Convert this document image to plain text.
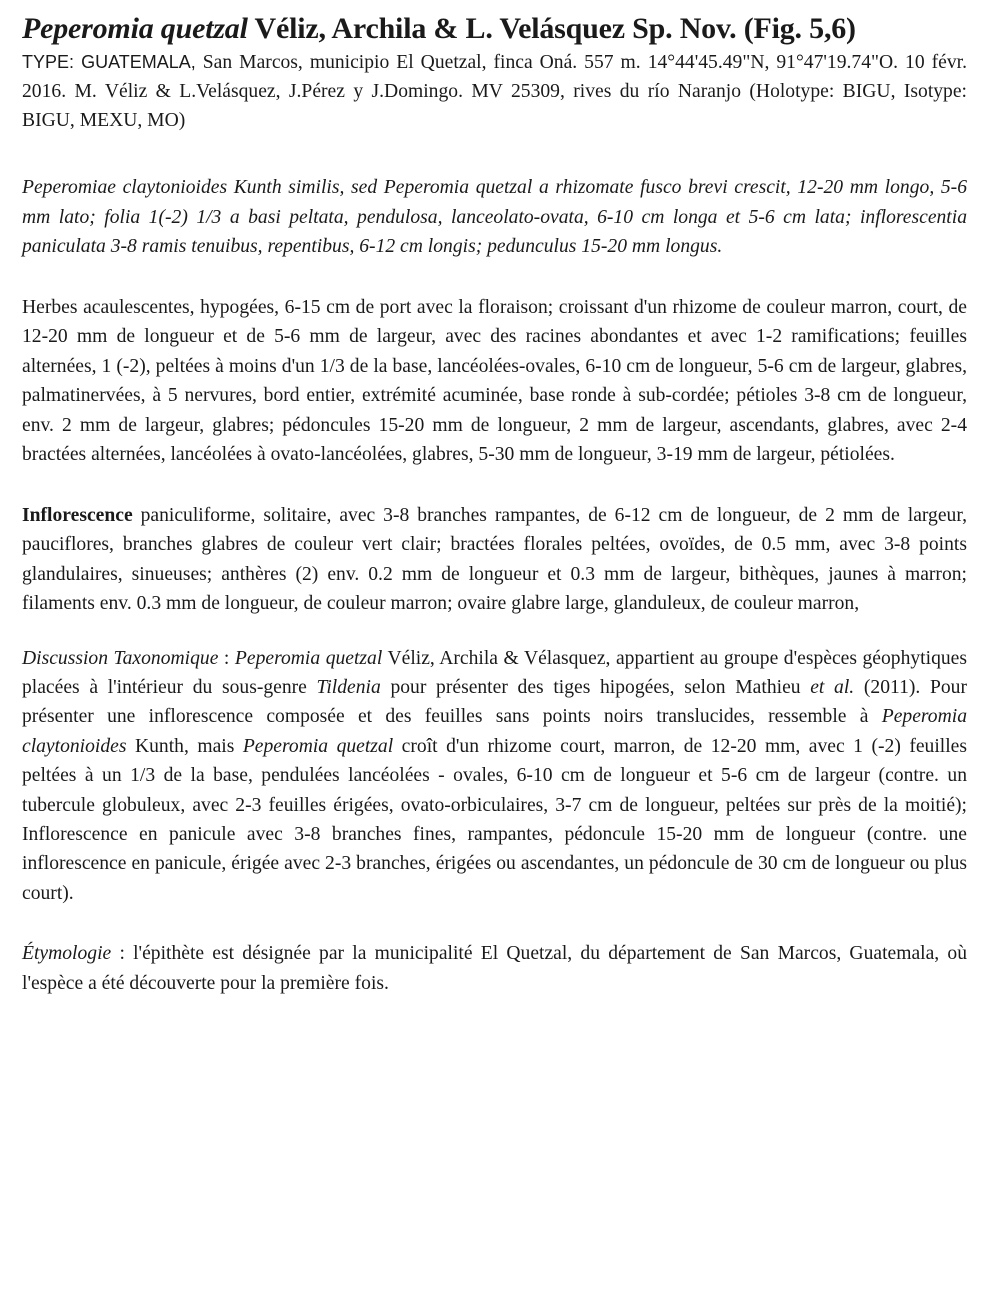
Peperomia quetzal Véliz, Archila & L. Velásquez Sp. Nov. (Fig. 5,6)

TYPE: GUATEMALA, San Marcos, municipio El Quetzal, finca Oná. 557 m. 14°44'45.49"N, 91°47'19.74"O. 10 févr. 2016. M. Véliz & L.Velásquez, J.Pérez y J.Domingo. MV 25309, rives du río Naranjo (Holotype: BIGU, Isotype: BIGU, MEXU, MO)

Peperomiae claytonioides Kunth similis, sed Peperomia quetzal a rhizomate fusco brevi crescit, 12-20 mm longo, 5-6 mm lato; folia 1(-2) 1/3 a basi peltata, pendulosa, lanceolato-ovata, 6-10 cm longa et 5-6 cm lata; inflorescentia paniculata 3-8 ramis tenuibus, repentibus, 6-12 cm longis; pedunculus 15-20 mm longus.

Herbes acaulescentes, hypogées, 6-15 cm de port avec la floraison; croissant d'un rhizome de couleur marron, court, de 12-20 mm de longueur et de 5-6 mm de largeur, avec des racines abondantes et avec 1-2 ramifications; feuilles alternées, 1 (-2), peltées à moins d'un 1/3 de la base, lancéolées-ovales, 6-10 cm de longueur, 5-6 cm de largeur, glabres, palmatinervées, à 5 nervures, bord entier, extrémité acuminée, base ronde à sub-cordée; pétioles 3-8 cm de longueur, env. 2 mm de largeur, glabres; pédoncules 15-20 mm de longueur, 2 mm de largeur, ascendants, glabres, avec 2-4 bractées alternées, lancéolées à ovato-lancéolées, glabres, 5-30 mm de longueur, 3-19 mm de largeur, pétiolées.

Inflorescence paniculiforme, solitaire, avec 3-8 branches rampantes, de 6-12 cm de longueur, de 2 mm de largeur, pauciflores, branches glabres de couleur vert clair; bractées florales peltées, ovoïdes, de 0.5 mm, avec 3-8 points glandulaires, sinueuses; anthères (2) env. 0.2 mm de longueur et 0.3 mm de largeur, bithèques, jaunes à marron; filaments env. 0.3 mm de longueur, de couleur marron; ovaire glabre large, glanduleux, de couleur marron,

Discussion Taxonomique : Peperomia quetzal Véliz, Archila & Vélasquez, appartient au groupe d'espèces géophytiques placées à l'intérieur du sous-genre Tildenia pour présenter des tiges hipogées, selon Mathieu et al. (2011). Pour présenter une inflorescence composée et des feuilles sans points noirs translucides, ressemble à Peperomia claytonioides Kunth, mais Peperomia quetzal croît d'un rhizome court, marron, de 12-20 mm, avec 1 (-2) feuilles peltées à un 1/3 de la base, pendulées lancéolées - ovales, 6-10 cm de longueur et 5-6 cm de largeur (contre. un tubercule globuleux, avec 2-3 feuilles érigées, ovato-orbiculaires, 3-7 cm de longueur, peltées sur près de la moitié); Inflorescence en panicule avec 3-8 branches fines, rampantes, pédoncule 15-20 mm de longueur (contre. une inflorescence en panicule, érigée avec 2-3 branches, érigées ou ascendantes, un pédoncule de 30 cm de longueur ou plus court).

Étymologie : l'épithète est désignée par la municipalité El Quetzal, du département de San Marcos, Guatemala, où l'espèce a été découverte pour la première fois.
